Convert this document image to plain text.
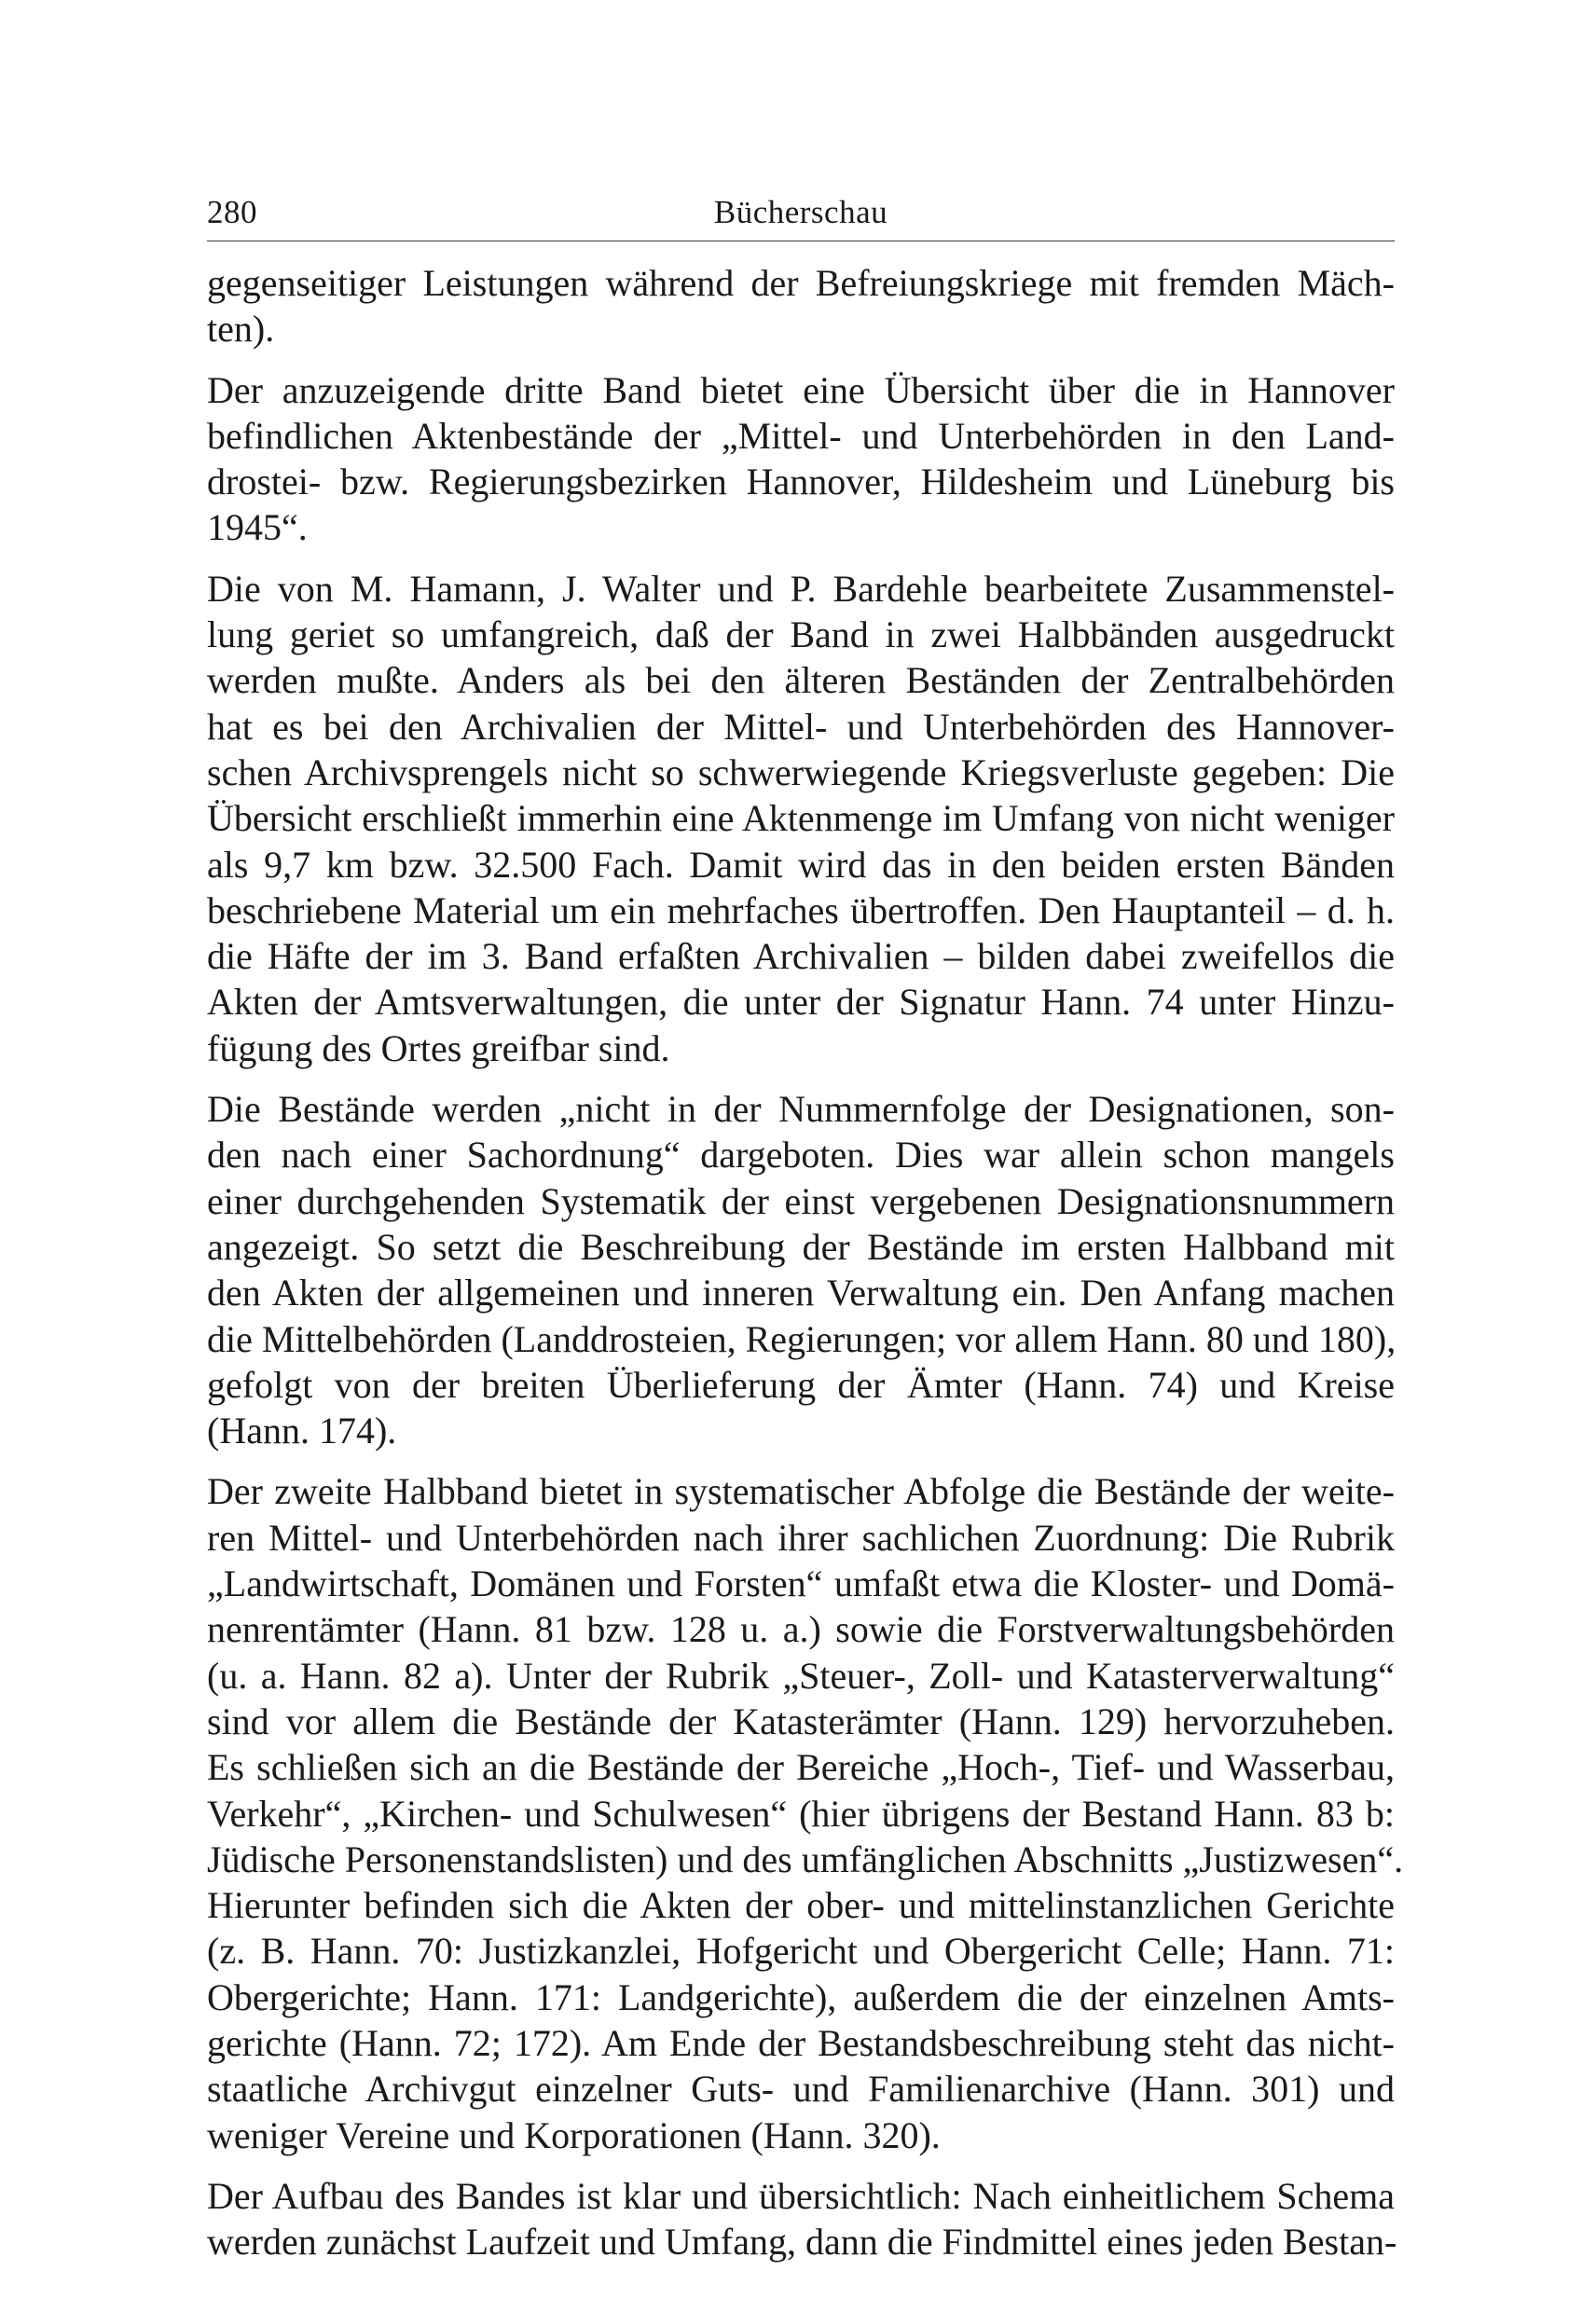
280	Bücherschau
gegenseitiger Leistungen während der Befreiungskriege mit fremden Mäch-
ten).
Der anzuzeigende dritte Band bietet eine Übersicht über die in Hannover
befindlichen Aktenbestände der „Mittel- und Unterbehörden in den Land-
drostei- bzw. Regierungsbezirken Hannover, Hildesheim und Lüneburg bis
1945“.
Die von M. Hamann, J. Walter und P. Bardehle bearbeitete Zusammenstel-
lung geriet so umfangreich, daß der Band in zwei Halbbänden ausgedruckt
werden mußte. Anders als bei den älteren Beständen der Zentralbehörden
hat es bei den Archivalien der Mittel- und Unterbehörden des Hannover-
schen Archivsprengels nicht so schwerwiegende Kriegsverluste gegeben: Die
Übersicht erschließt immerhin eine Aktenmenge im Umfang von nicht weniger
als 9,7 km bzw. 32.500 Fach. Damit wird das in den beiden ersten Bänden
beschriebene Material um ein mehrfaches übertroffen. Den Hauptanteil – d. h.
die Häfte der im 3. Band erfaßten Archivalien – bilden dabei zweifellos die
Akten der Amtsverwaltungen, die unter der Signatur Hann. 74 unter Hinzu-
fügung des Ortes greifbar sind.
Die Bestände werden „nicht in der Nummernfolge der Designationen, son-
den nach einer Sachordnung“ dargeboten. Dies war allein schon mangels
einer durchgehenden Systematik der einst vergebenen Designationsnummern
angezeigt. So setzt die Beschreibung der Bestände im ersten Halbband mit
den Akten der allgemeinen und inneren Verwaltung ein. Den Anfang machen
die Mittelbehörden (Landdrosteien, Regierungen; vor allem Hann. 80 und 180),
gefolgt von der breiten Überlieferung der Ämter (Hann. 74) und Kreise
(Hann. 174).
Der zweite Halbband bietet in systematischer Abfolge die Bestände der weite-
ren Mittel- und Unterbehörden nach ihrer sachlichen Zuordnung: Die Rubrik
„Landwirtschaft, Domänen und Forsten“ umfaßt etwa die Kloster- und Domä-
nenrentämter (Hann. 81 bzw. 128 u. a.) sowie die Forstverwaltungsbehörden
(u. a. Hann. 82 a). Unter der Rubrik „Steuer-, Zoll- und Katasterverwaltung“
sind vor allem die Bestände der Katasterämter (Hann. 129) hervorzuheben.
Es schließen sich an die Bestände der Bereiche „Hoch-, Tief- und Wasserbau,
Verkehr“, „Kirchen- und Schulwesen“ (hier übrigens der Bestand Hann. 83 b:
Jüdische Personenstandslisten) und des umfänglichen Abschnitts „Justizwesen“.
Hierunter befinden sich die Akten der ober- und mittelinstanzlichen Gerichte
(z. B. Hann. 70: Justizkanzlei, Hofgericht und Obergericht Celle; Hann. 71:
Obergerichte; Hann. 171: Landgerichte), außerdem die der einzelnen Amts-
gerichte (Hann. 72; 172). Am Ende der Bestandsbeschreibung steht das nicht-
staatliche Archivgut einzelner Guts- und Familienarchive (Hann. 301) und
weniger Vereine und Korporationen (Hann. 320).
Der Aufbau des Bandes ist klar und übersichtlich: Nach einheitlichem Schema
werden zunächst Laufzeit und Umfang, dann die Findmittel eines jeden Bestan-
